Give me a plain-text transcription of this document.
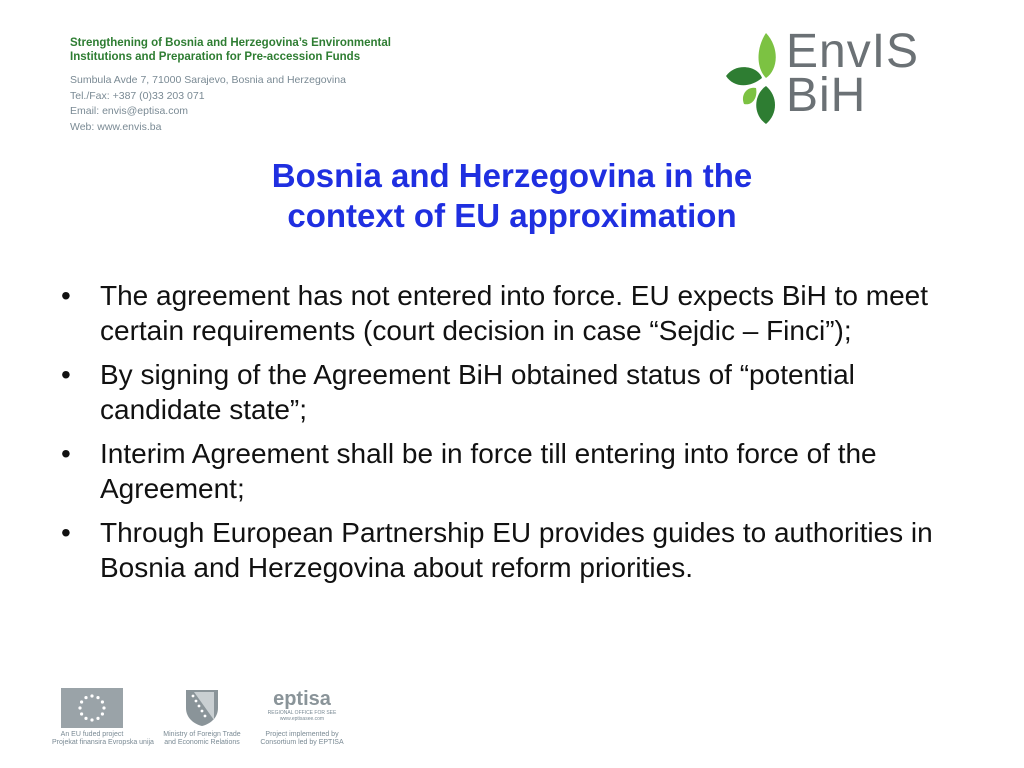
Strengthening of Bosnia and Herzegovina’s Environmental
Institutions and Preparation for Pre-accession Funds
Sumbula Avde 7, 71000 Sarajevo, Bosnia and Herzegovina
Tel./Fax: +387 (0)33 203 071
Email: envis@eptisa.com
Web: www.envis.ba
EnvIS
BiH
Bosnia and Herzegovina in the
context of EU approximation
• The agreement has not entered into force. EU expects BiH to meet certain requirements (court decision in case “Sejdic – Finci”);
• By signing of the Agreement BiH obtained status of “potential candidate state”;
• Interim Agreement shall be in force till entering into force of the Agreement;
• Through European Partnership EU provides guides to authorities in Bosnia and Herzegovina about reform priorities.
An EU fuded project
Projekat finansira Evropska unija
Ministry of Foreign Trade
and Economic Relations
eptisa
REGIONAL OFFICE FOR SEE
www.eptisasee.com
Project implemented by
Consortium led by EPTISA
